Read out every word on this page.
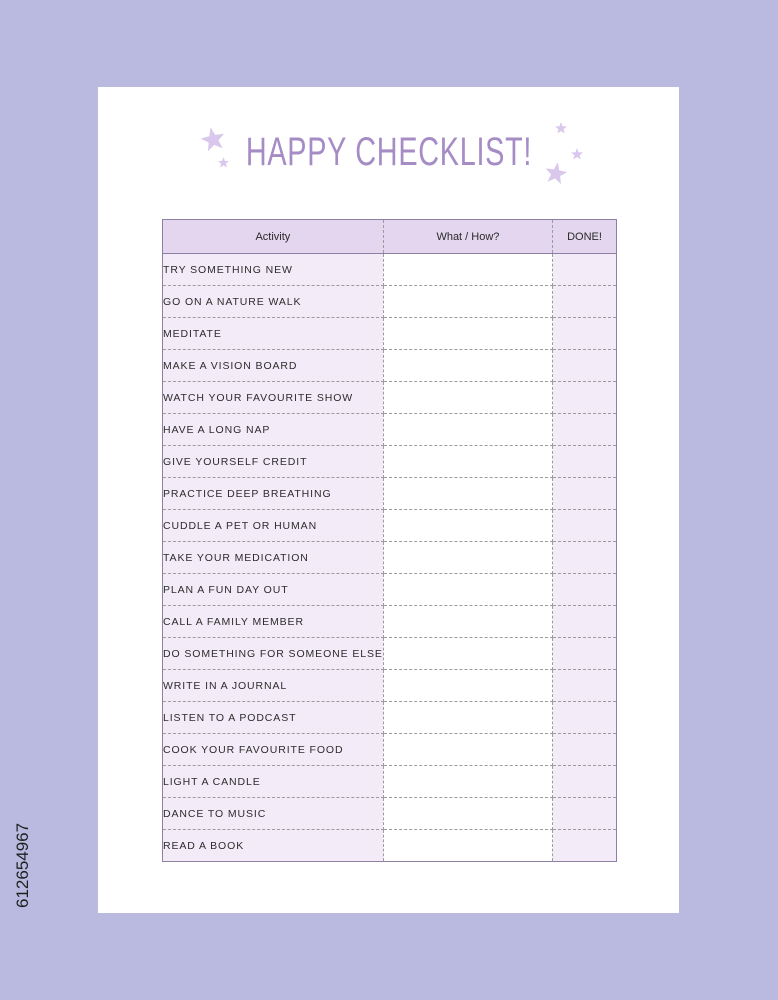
612654967
HAPPY CHECKLIST!
Activity	What / How?	DONE!
TRY SOMETHING NEW		
GO ON A NATURE WALK		
MEDITATE		
MAKE A VISION BOARD		
WATCH YOUR FAVOURITE SHOW		
HAVE A LONG NAP		
GIVE YOURSELF CREDIT		
PRACTICE DEEP BREATHING		
CUDDLE A PET OR HUMAN		
TAKE YOUR MEDICATION		
PLAN A FUN DAY OUT		
CALL A FAMILY MEMBER		
DO SOMETHING FOR SOMEONE ELSE		
WRITE IN A JOURNAL		
LISTEN TO A PODCAST		
COOK YOUR FAVOURITE FOOD		
LIGHT A CANDLE		
DANCE TO MUSIC		
READ A BOOK		
